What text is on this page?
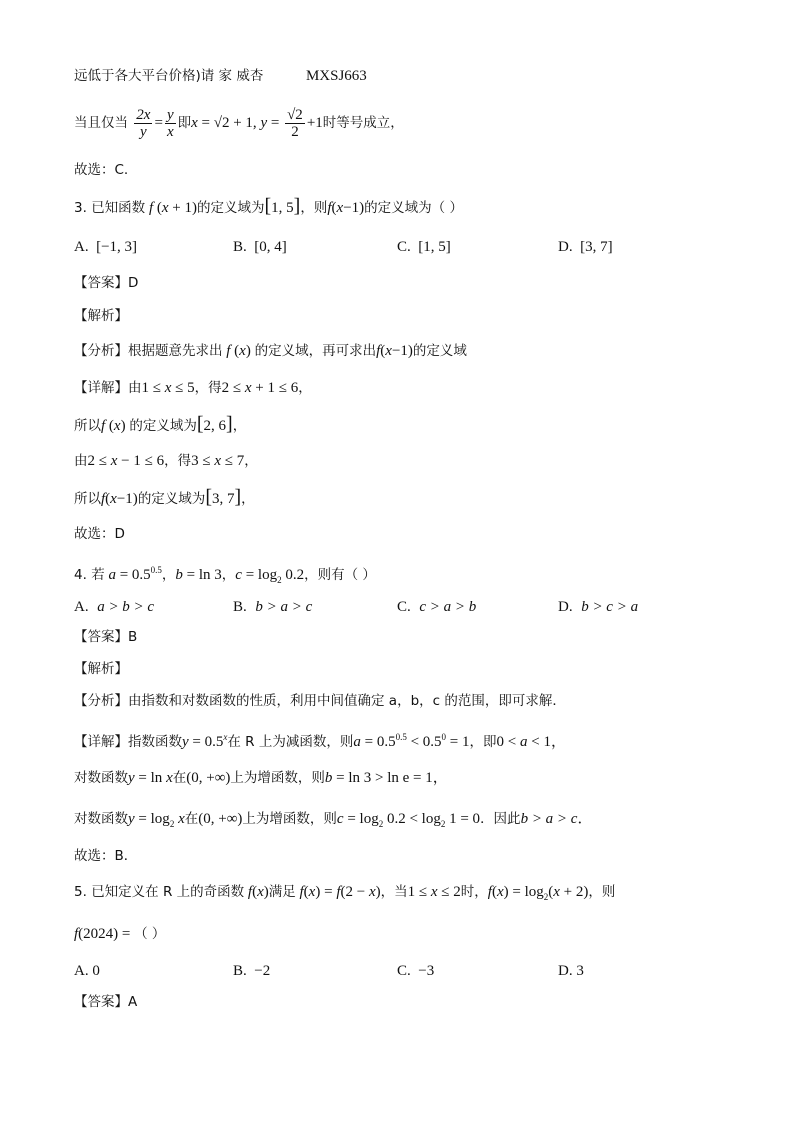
远低于各大平台价格)请 家 威杏	MXSJ663
当且仅当 $\frac{2x}{y} = \frac{y}{x}$ 即x = √2 + 1, $y = \frac{√2}{2} +1$时等号成立，
故选：C.
3. 已知函数 f (x + 1)的定义域为[1, 5]，则f(x−1)的定义域为（ ）
A. [−1, 3]	B. [0, 4]	C. [1, 5]	D. [3, 7]
【答案】D
【解析】
【分析】根据题意先求出 f (x) 的定义域，再可求出f(x−1)的定义域
【详解】由1 ≤ x ≤ 5，得2 ≤ x + 1 ≤ 6，
所以f (x) 的定义域为[2, 6]，
由2 ≤ x − 1 ≤ 6，得3 ≤ x ≤ 7，
所以f(x−1)的定义域为[3, 7]，
故选：D
4. 若 $a = 0.5^{0.5}$，b = ln 3，$c = \log_2 0.2$，则有（ ）
A. a > b > c	B. b > a > c	C. c > a > b	D. b > c > a
【答案】B
【解析】
【分析】由指数和对数函数的性质，利用中间值确定 a，b，c 的范围，即可求解．
【详解】指数函数$y = 0.5^x$在 R 上为减函数，则$a = 0.5^{0.5} < 0.5^0 = 1$，即0 < a < 1，
对数函数y = ln x在(0, +∞)上为增函数，则b = ln 3 > ln e = 1，
对数函数$y = \log_2 x$在(0, +∞)上为增函数，则$c = \log_2 0.2 < \log_2 1 = 0$．因此b > a > c．
故选：B．
5. 已知定义在 R 上的奇函数 f(x)满足 f(x) = f(2 − x)，当1 ≤ x ≤ 2时，$f(x) = \log_2(x + 2)$，则
f(2024) = （ ）
A. 0	B. −2	C. −3	D. 3
【答案】A
